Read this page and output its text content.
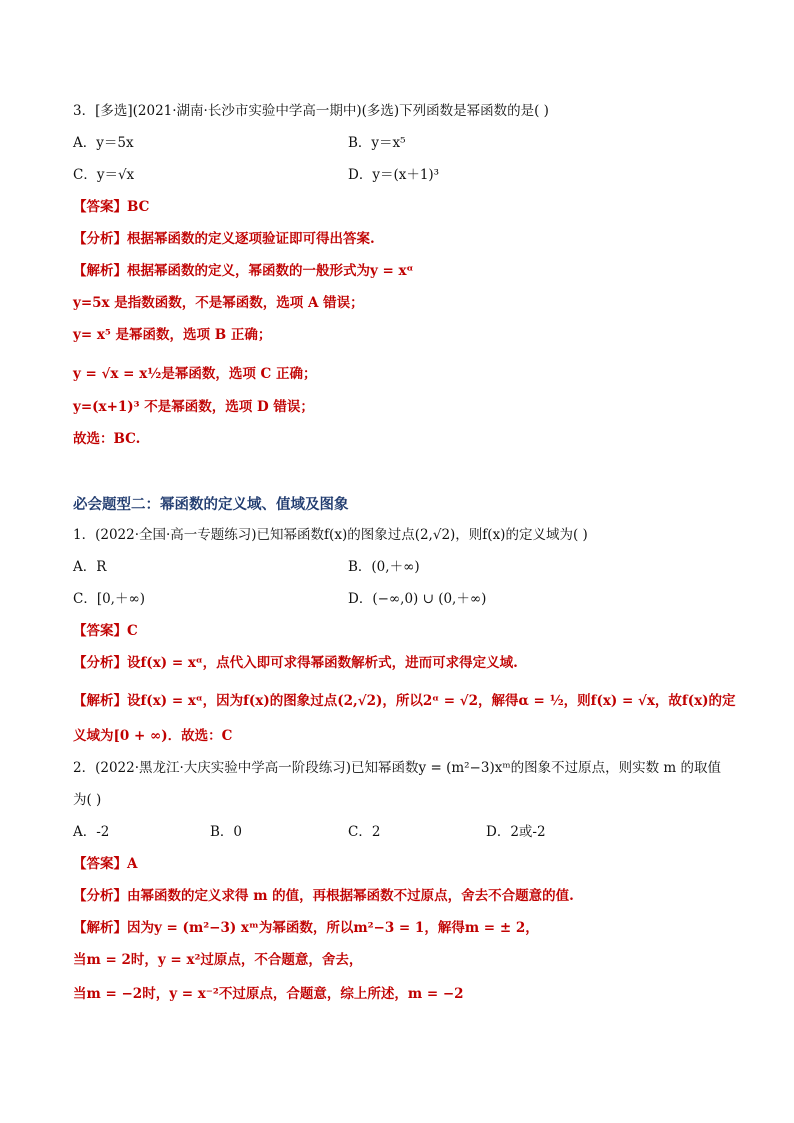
3．[多选](2021·湖南·长沙市实验中学高一期中)(多选)下列函数是幂函数的是( )
A．y＝5x	B．y＝x⁵
C．y＝√x	D．y＝(x＋1)³
【答案】BC
【分析】根据幂函数的定义逐项验证即可得出答案.
【解析】根据幂函数的定义，幂函数的一般形式为y = xᵅ
y=5x 是指数函数，不是幂函数，选项 A 错误；
y= x⁵ 是幂函数，选项 B 正确；
y = √x = x½是幂函数，选项 C 正确；
y=(x+1)³ 不是幂函数，选项 D 错误；
故选：BC.
必会题型二：幂函数的定义域、值域及图象
1．(2022·全国·高一专题练习)已知幂函数f(x)的图象过点(2,√2)，则f(x)的定义域为( )
A．R	B．(0,＋∞)
C．[0,＋∞)	D．(−∞,0) ∪ (0,＋∞)
【答案】C
【分析】设f(x) = xᵅ，点代入即可求得幂函数解析式，进而可求得定义域.
【解析】设f(x) = xᵅ，因为f(x)的图象过点(2,√2)，所以2ᵅ = √2，解得α = ½，则f(x) = √x，故f(x)的定
义域为[0 + ∞)．故选：C
2．(2022·黑龙江·大庆实验中学高一阶段练习)已知幂函数y = (m²−3)xᵐ的图象不过原点，则实数 m 的取值
为( )
A．-2	B．0	C．2	D．2或-2
【答案】A
【分析】由幂函数的定义求得 m 的值，再根据幂函数不过原点，舍去不合题意的值.
【解析】因为y = (m²−3) xᵐ为幂函数，所以m²−3 = 1，解得m = ± 2，
当m = 2时，y = x²过原点，不合题意，舍去，
当m = −2时，y = x⁻²不过原点，合题意，综上所述，m = −2
